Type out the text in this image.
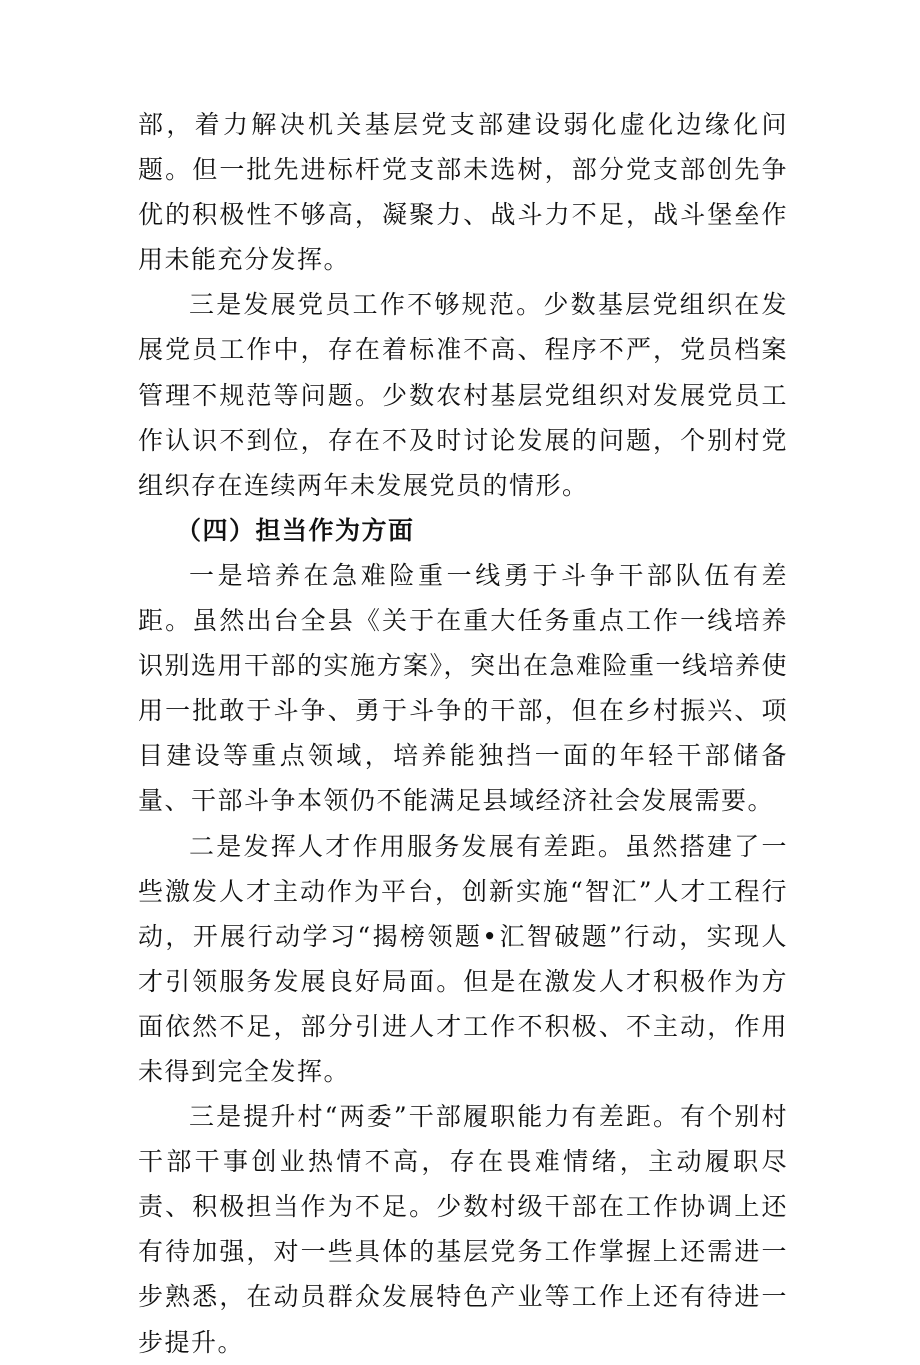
部，着力解决机关基层党支部建设弱化虚化边缘化问题。但一批先进标杆党支部未选树，部分党支部创先争优的积极性不够高，凝聚力、战斗力不足，战斗堡垒作用未能充分发挥。

三是发展党员工作不够规范。少数基层党组织在发展党员工作中，存在着标准不高、程序不严，党员档案管理不规范等问题。少数农村基层党组织对发展党员工作认识不到位，存在不及时讨论发展的问题，个别村党组织存在连续两年未发展党员的情形。

（四）担当作为方面

一是培养在急难险重一线勇于斗争干部队伍有差距。虽然出台全县《关于在重大任务重点工作一线培养识别选用干部的实施方案》，突出在急难险重一线培养使用一批敢于斗争、勇于斗争的干部，但在乡村振兴、项目建设等重点领域，培养能独挡一面的年轻干部储备量、干部斗争本领仍不能满足县域经济社会发展需要。

二是发挥人才作用服务发展有差距。虽然搭建了一些激发人才主动作为平台，创新实施“智汇”人才工程行动，开展行动学习“揭榜领题•汇智破题”行动，实现人才引领服务发展良好局面。但是在激发人才积极作为方面依然不足，部分引进人才工作不积极、不主动，作用未得到完全发挥。

三是提升村“两委”干部履职能力有差距。有个别村干部干事创业热情不高，存在畏难情绪，主动履职尽责、积极担当作为不足。少数村级干部在工作协调上还有待加强，对一些具体的基层党务工作掌握上还需进一步熟悉，在动员群众发展特色产业等工作上还有待进一步提升。
